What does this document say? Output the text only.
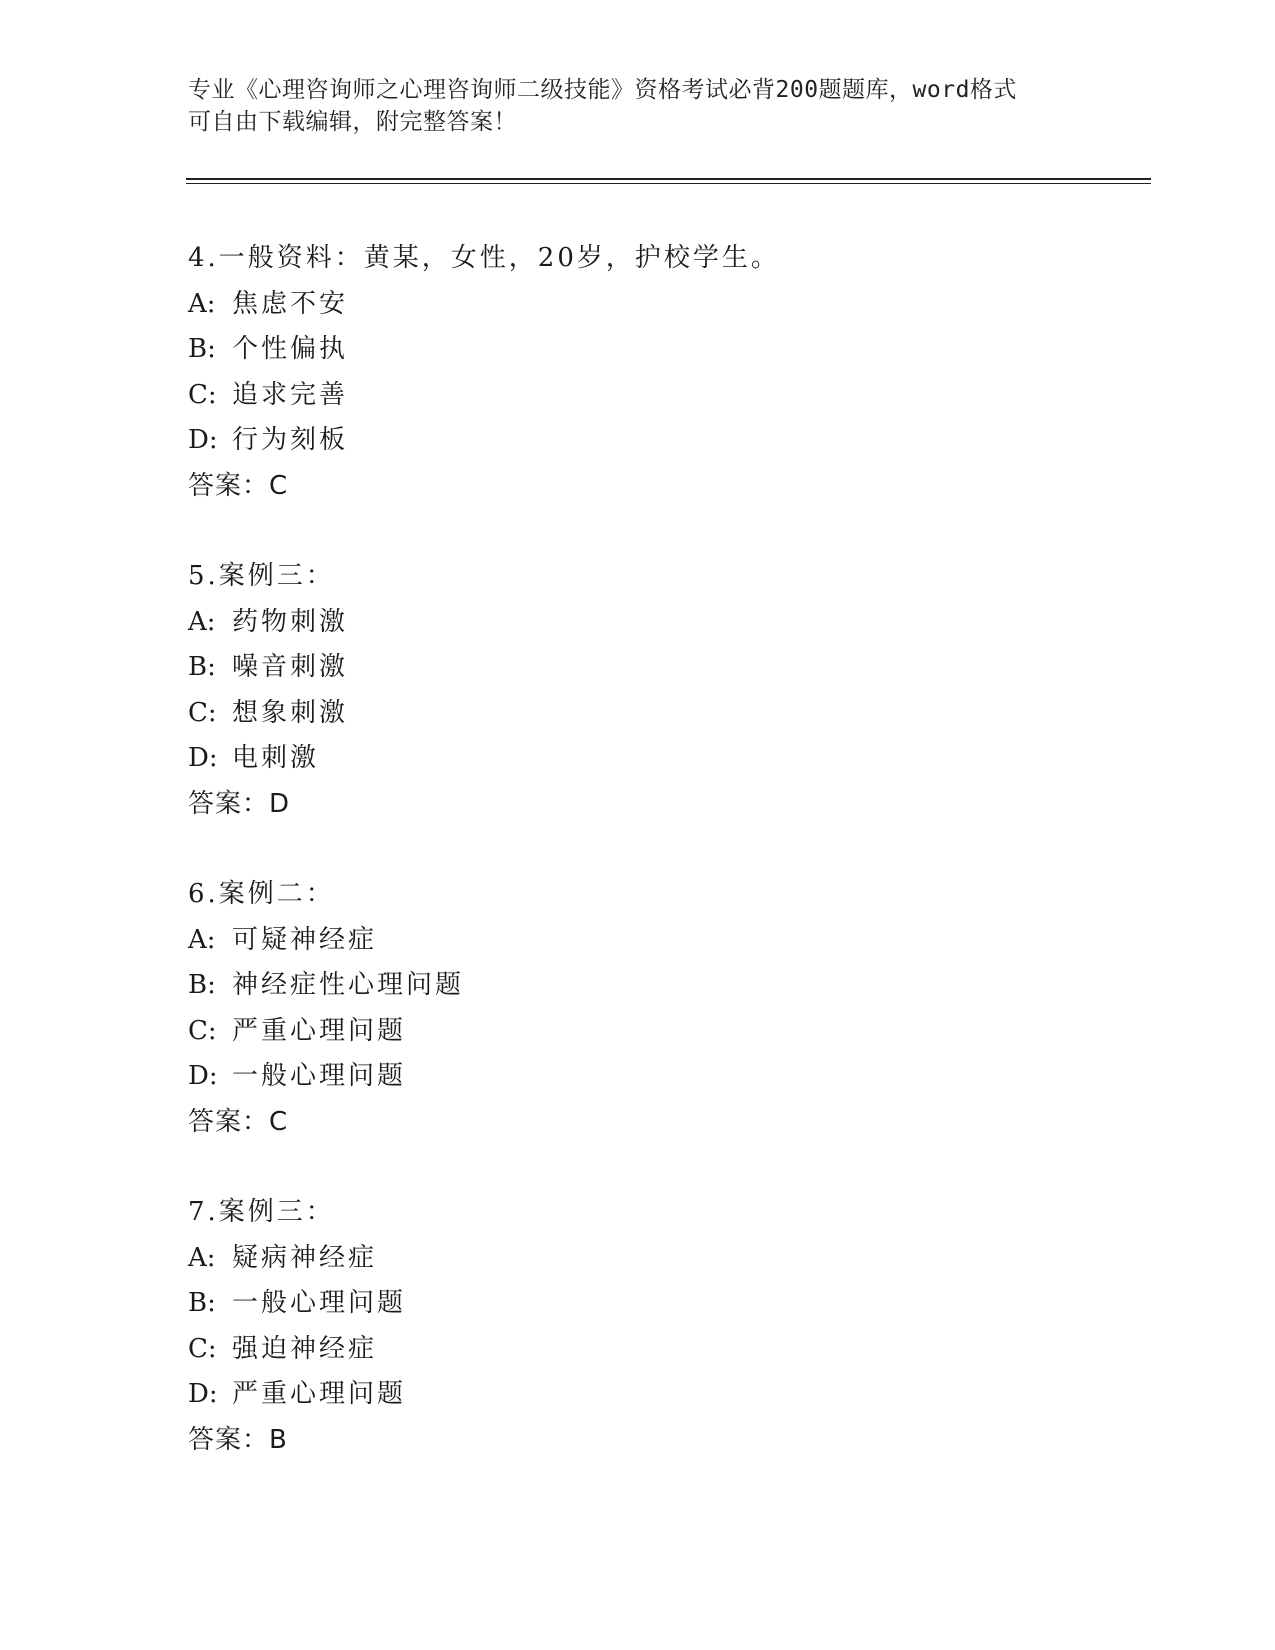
专业《心理咨询师之心理咨询师二级技能》资格考试必背200题题库，word格式
可自由下载编辑，附完整答案！
4.一般资料：黄某，女性，20岁，护校学生。
A: 焦虑不安
B: 个性偏执
C: 追求完善
D: 行为刻板
答案：C
5.案例三：
A: 药物刺激
B: 噪音刺激
C: 想象刺激
D: 电刺激
答案：D
6.案例二：
A: 可疑神经症
B: 神经症性心理问题
C: 严重心理问题
D: 一般心理问题
答案：C
7.案例三：
A: 疑病神经症
B: 一般心理问题
C: 强迫神经症
D: 严重心理问题
答案：B
